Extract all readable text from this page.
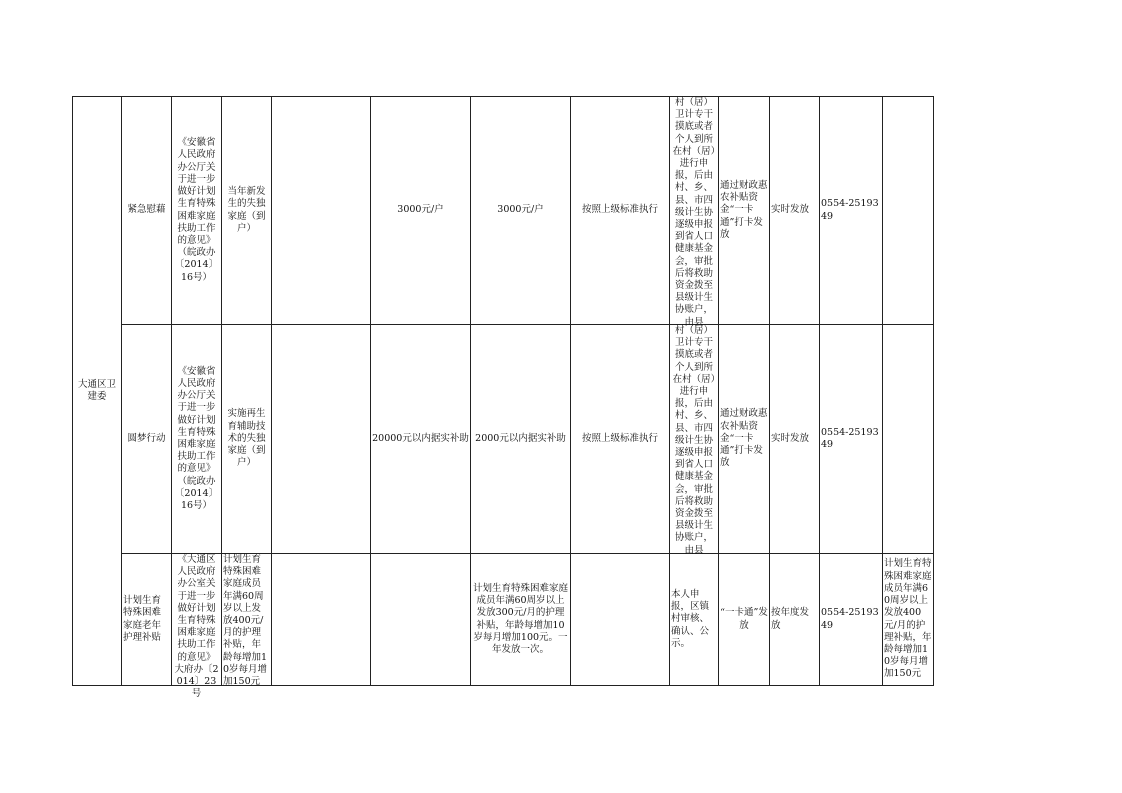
大通区卫建委	紧急慰藉	《安徽省人民政府办公厅关于进一步做好计划生育特殊困难家庭扶助工作的意见》（皖政办〔2014〕16号）	当年新发生的失独家庭（到户）		3000元/户	3000元/户	按照上级标准执行	村（居）卫计专干摸底或者个人到所在村（居）进行申报，后由村、乡、县、市四级计生协逐级申报到省人口健康基金会，审批后将救助资金拨至县级计生协账户，由县	通过财政惠农补贴资金“一卡通”打卡发放	实时发放	0554-2519349	
	圆梦行动	《安徽省人民政府办公厅关于进一步做好计划生育特殊困难家庭扶助工作的意见》（皖政办〔2014〕16号）	实施再生育辅助技术的失独家庭（到户）		20000元以内据实补助	2000元以内据实补助	按照上级标准执行	村（居）卫计专干摸底或者个人到所在村（居）进行申报，后由村、乡、县、市四级计生协逐级申报到省人口健康基金会，审批后将救助资金拨至县级计生协账户，由县	通过财政惠农补贴资金“一卡通”打卡发放	实时发放	0554-2519349	
	计划生育特殊困难家庭老年护理补贴	《大通区人民政府办公室关于进一步做好计划生育特殊困难家庭扶助工作的意见》大府办〔2014〕23号	计划生育特殊困难家庭成员年满60周岁以上发放400元/月的护理补贴，年龄每增加10岁每月增加150元			计划生育特殊困难家庭成员年满60周岁以上发放300元/月的护理补贴，年龄每增加10岁每月增加100元。一年发放一次。		本人申报，区镇村审核、确认、公示。	“一卡通”发放	按年度发放	0554-2519349	计划生育特殊困难家庭成员年满60周岁以上发放400元/月的护理补贴，年龄每增加10岁每月增加150元
